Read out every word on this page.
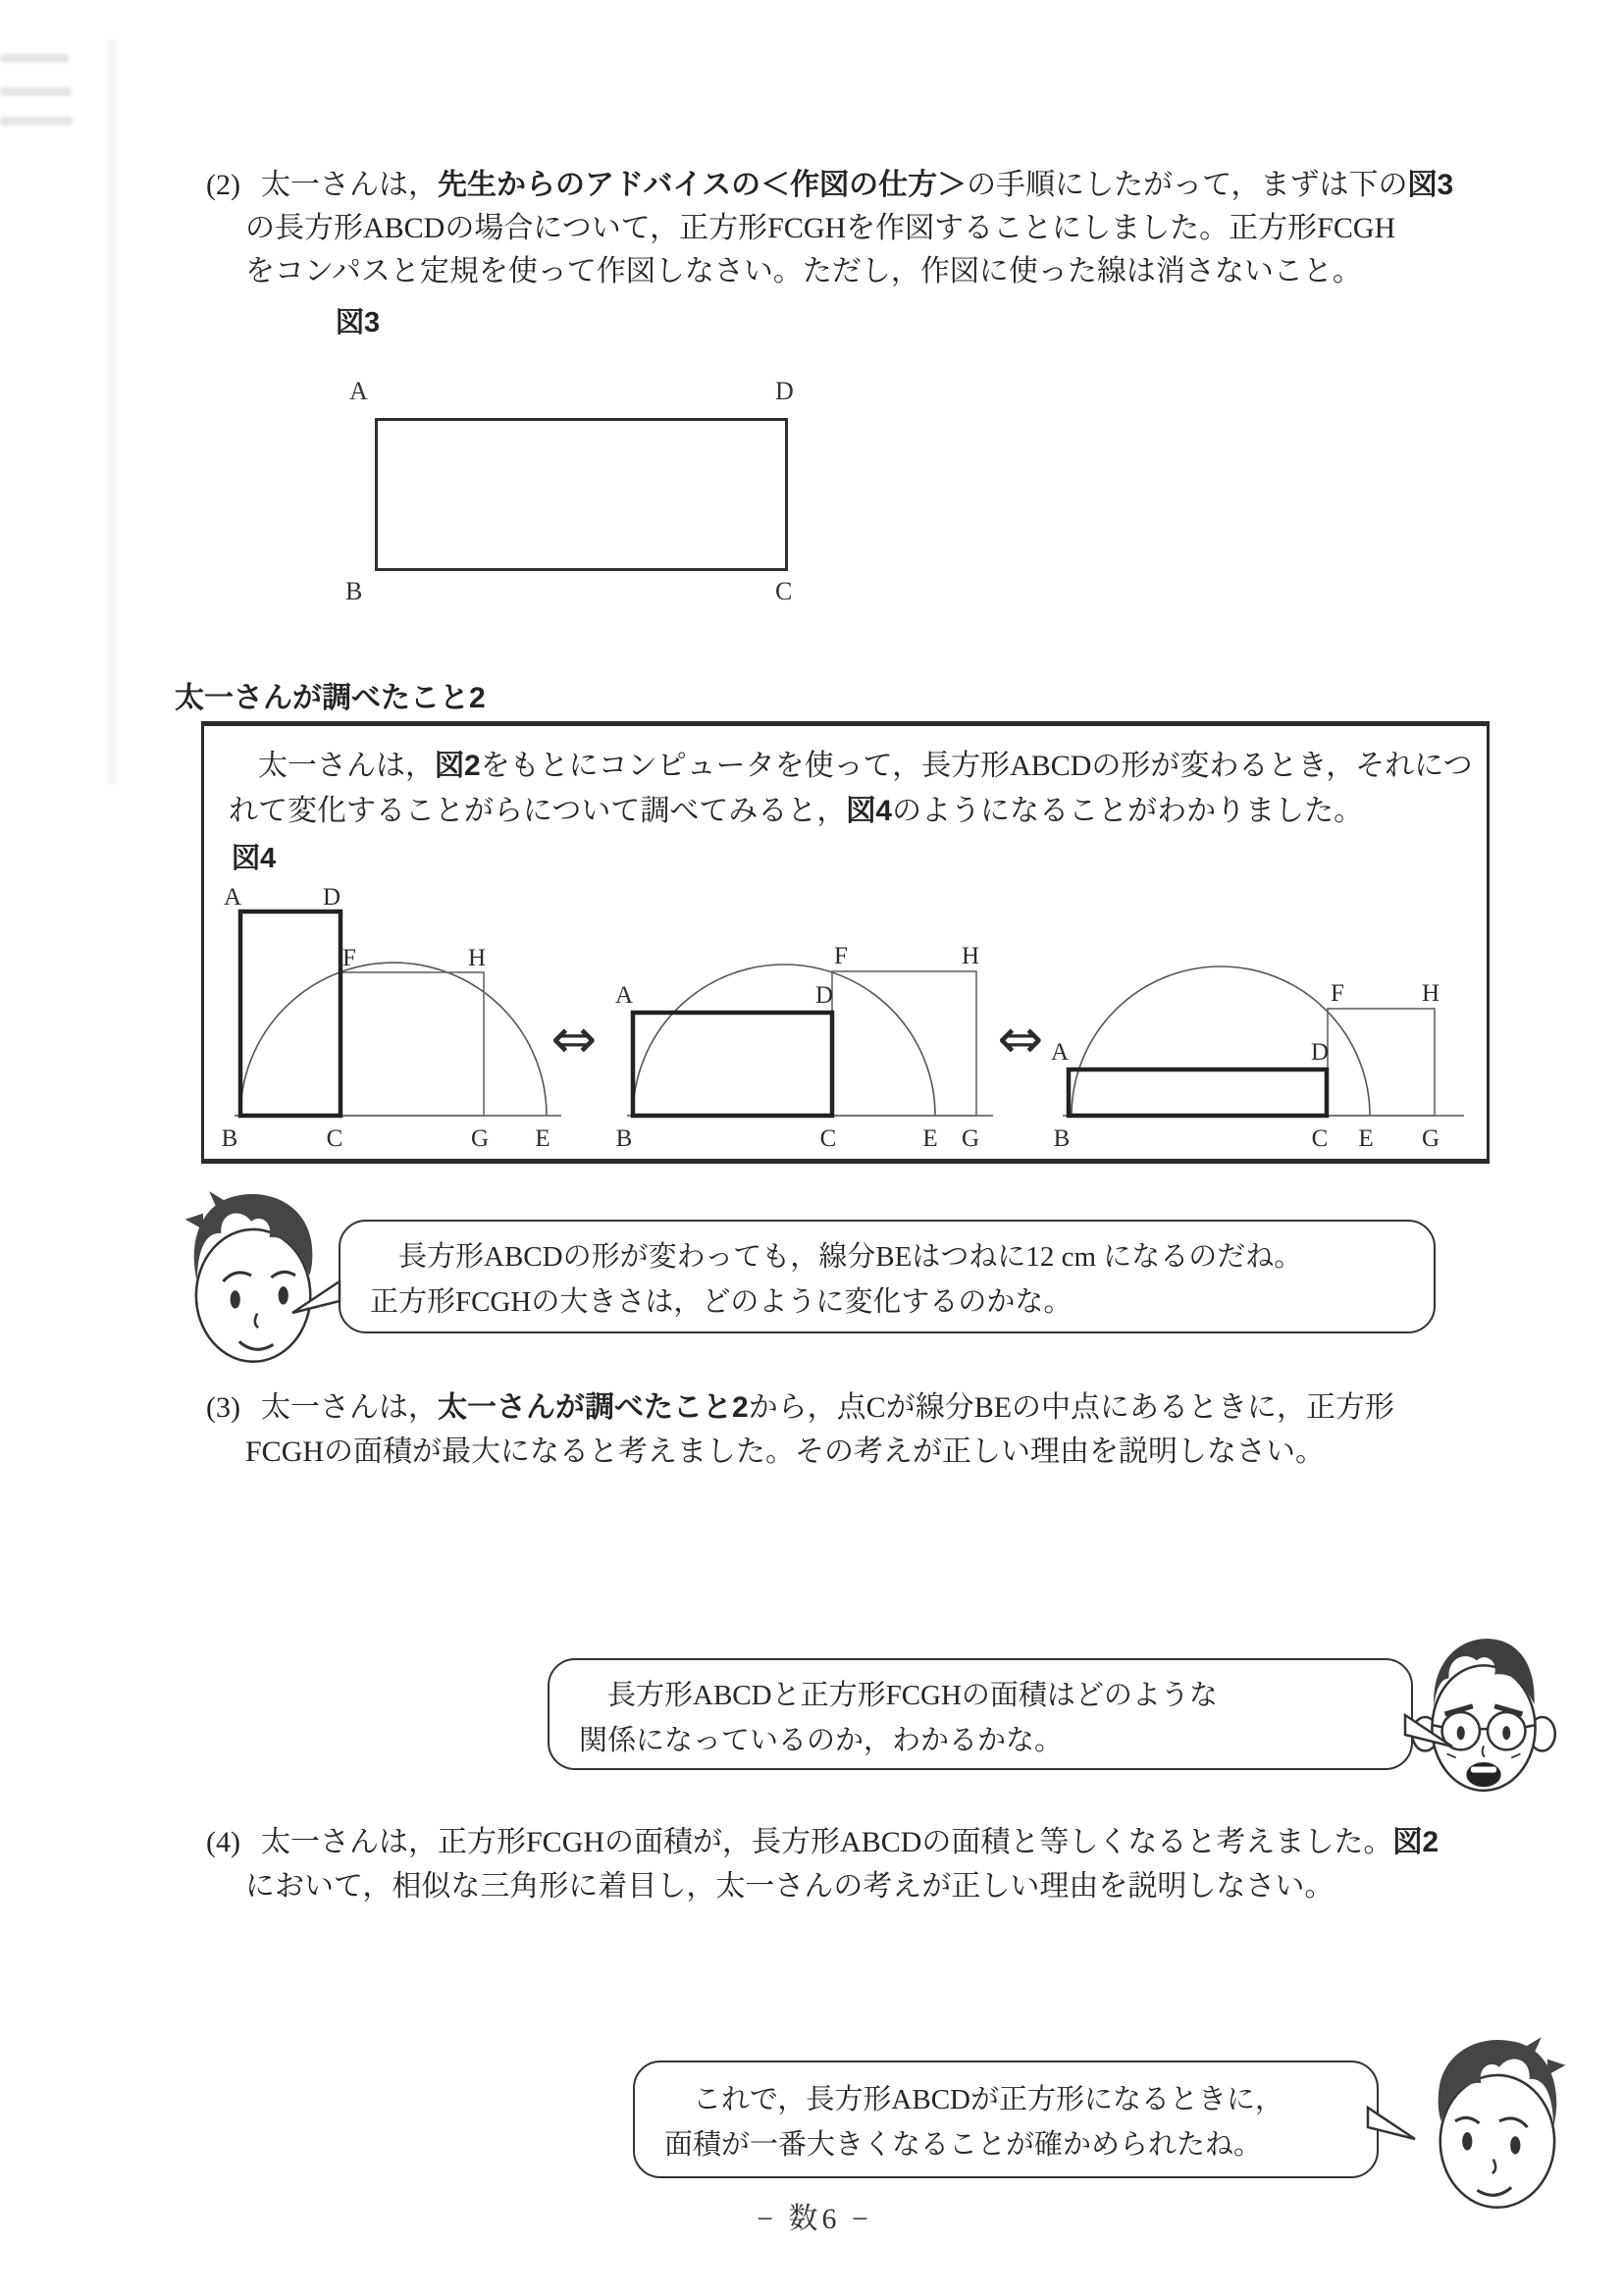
(2) 太一さんは，先生からのアドバイスの＜作図の仕方＞の手順にしたがって，まずは下の図3
の長方形ABCDの場合について，正方形FCGHを作図することにしました。正方形FCGH
をコンパスと定規を使って作図しなさい。ただし，作図に使った線は消さないこと。
図3
A	D
B	C
太一さんが調べたこと2
　太一さんは，図2をもとにコンピュータを使って，長方形ABCDの形が変わるとき，それにつ
れて変化することがらについて調べてみると，図4のようになることがわかりました。
図4
A	D
F	H
B	C	G E
A	D
F	H
B	C	E G
A	D
F	H
B	C E G
⇔	⇔
　長方形ABCDの形が変わっても，線分BEはつねに12 cm になるのだね。
正方形FCGHの大きさは，どのように変化するのかな。
(3) 太一さんは，太一さんが調べたこと2から，点Cが線分BEの中点にあるときに，正方形
FCGHの面積が最大になると考えました。その考えが正しい理由を説明しなさい。
　長方形ABCDと正方形FCGHの面積はどのような
関係になっているのか，わかるかな。
(4) 太一さんは，正方形FCGHの面積が，長方形ABCDの面積と等しくなると考えました。図2
において，相似な三角形に着目し，太一さんの考えが正しい理由を説明しなさい。
　これで，長方形ABCDが正方形になるときに，
面積が一番大きくなることが確かめられたね。
− 数6 −
